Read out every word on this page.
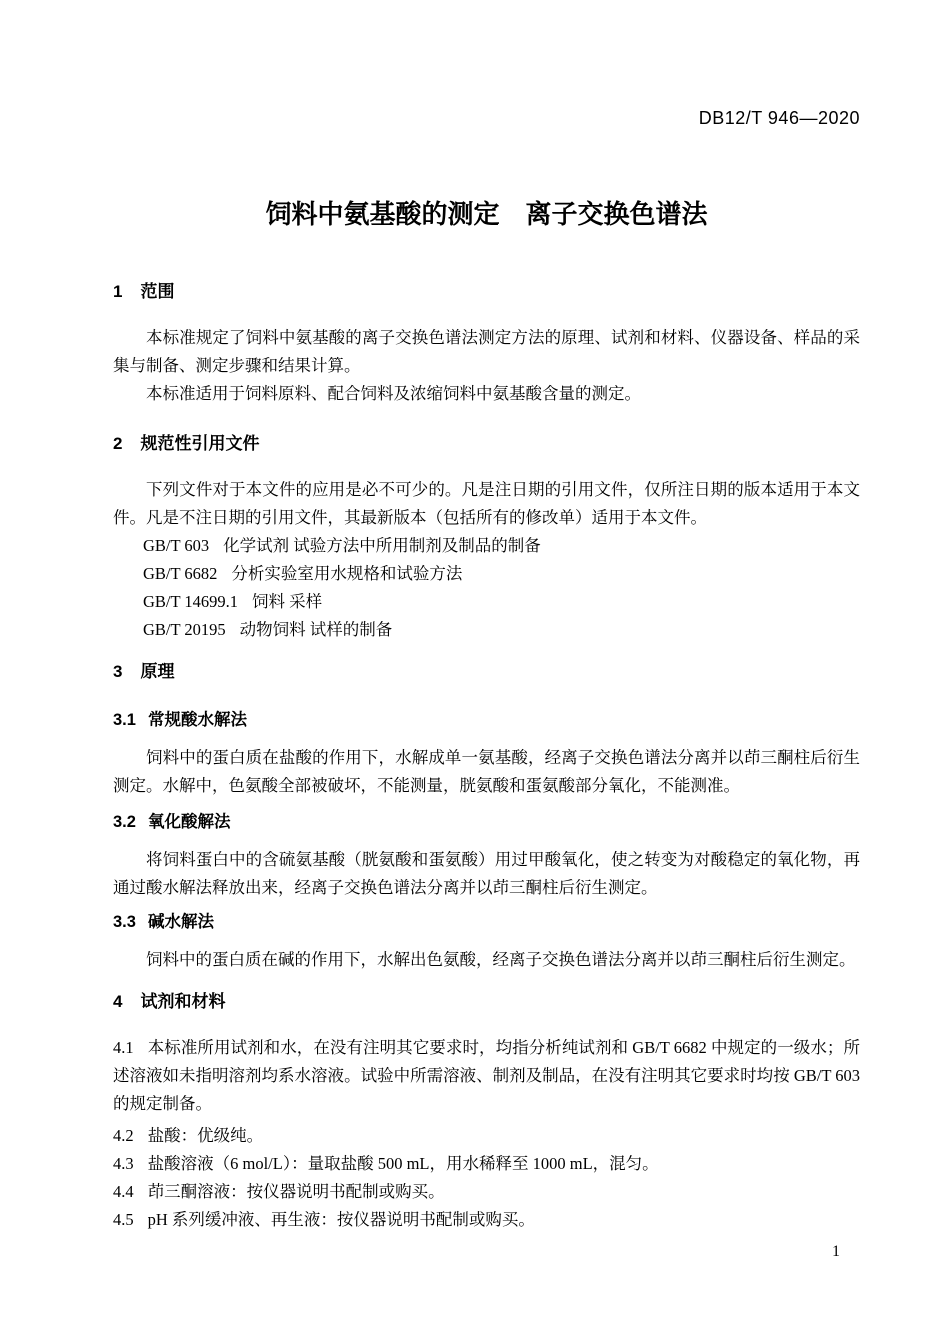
DB12/T 946—2020
饲料中氨基酸的测定　离子交换色谱法
1 范围

本标准规定了饲料中氨基酸的离子交换色谱法测定方法的原理、试剂和材料、仪器设备、样品的采集与制备、测定步骤和结果计算。

本标准适用于饲料原料、配合饲料及浓缩饲料中氨基酸含量的测定。

2 规范性引用文件

下列文件对于本文件的应用是必不可少的。凡是注日期的引用文件，仅所注日期的版本适用于本文件。凡是不注日期的引用文件，其最新版本（包括所有的修改单）适用于本文件。

GB/T 603 化学试剂 试验方法中所用制剂及制品的制备
GB/T 6682 分析实验室用水规格和试验方法
GB/T 14699.1 饲料 采样
GB/T 20195 动物饲料 试样的制备
3 原理
3.1 常规酸水解法

饲料中的蛋白质在盐酸的作用下，水解成单一氨基酸，经离子交换色谱法分离并以茚三酮柱后衍生测定。水解中，色氨酸全部被破坏，不能测量，胱氨酸和蛋氨酸部分氧化，不能测准。

3.2 氧化酸解法

将饲料蛋白中的含硫氨基酸（胱氨酸和蛋氨酸）用过甲酸氧化，使之转变为对酸稳定的氧化物，再通过酸水解法释放出来，经离子交换色谱法分离并以茚三酮柱后衍生测定。

3.3 碱水解法

饲料中的蛋白质在碱的作用下，水解出色氨酸，经离子交换色谱法分离并以茚三酮柱后衍生测定。

4 试剂和材料

4.1 本标准所用试剂和水，在没有注明其它要求时，均指分析纯试剂和 GB/T 6682 中规定的一级水；所述溶液如未指明溶剂均系水溶液。试验中所需溶液、制剂及制品，在没有注明其它要求时均按 GB/T 603 的规定制备。

4.2 盐酸：优级纯。

4.3 盐酸溶液（6 mol/L）：量取盐酸 500 mL，用水稀释至 1000 mL，混匀。

4.4 茚三酮溶液：按仪器说明书配制或购买。

4.5 pH 系列缓冲液、再生液：按仪器说明书配制或购买。

1
